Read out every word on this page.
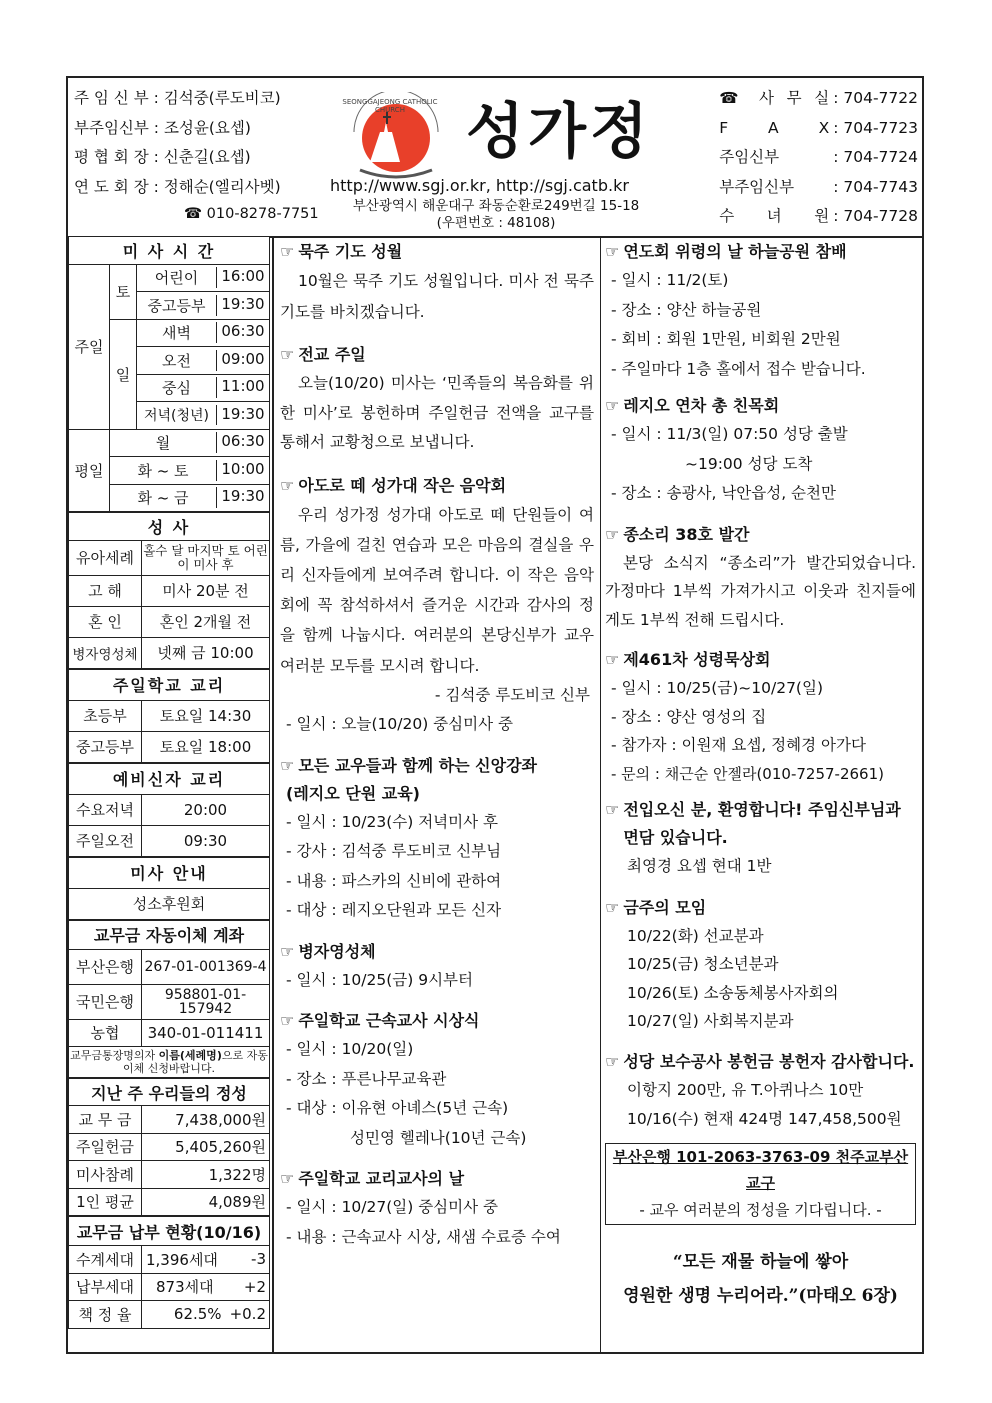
주 임 신 부 : 김석중(루도비코)
부주임신부 : 조성윤(요셉)
평 협 회 장 : 신춘길(요셉)
연 도 회 장 : 정해순(엘리사벳)
☎ 010-8278-7751
SEONGGAJEONG CATHOLIC CHURCH	성가정
http://www.sgj.or.kr, http://sgj.catb.kr
부산광역시 해운대구 좌동순환로249번길 15-18
(우편번호 : 48108)
☎ 사 무 실 : 704-7722
F A X : 704-7723
주임신부	: 704-7724
부주임신부	: 704-7743
수 녀 원 : 704-7728
미 사 시 간		
주일	토	어린이 16:00

		중고등부 19:30

	일	새벽 06:30

		오전 09:00

		중심 11:00

		저녁(청년) 19:30

평일	월 06:30	

	화 ~ 토 10:00	

	화 ~ 금 19:30	
성 사	
유아세례	홀수 달 마지막 토 어린이 미사 후
고 해	미사 20분 전
혼 인	혼인 2개월 전
병자영성체	넷째 금 10:00
주일학교 교리	
초등부	토요일 14:30
중고등부	토요일 18:00
예비신자 교리	
수요저녁	20:00
주일오전	09:30
미사 안내
성소후원회
교무금 자동이체 계좌	
부산은행	267-01-001369-4
국민은행	958801-01-157942
농협	340-01-011411
교무금통장명의자 이름(세례명)으로 자동이체 신청바랍니다.	
지난 주 우리들의 정성	
교 무 금	7,438,000원
주일헌금	5,405,260원
미사참례	1,322명
1인 평균	4,089원
교무금 납부 현황(10/16)		
수계세대	1,396세대	-3
납부세대	873세대	+2
책 정 율	62.5%	+0.2
☞ 묵주 기도 성월
10월은 묵주 기도 성월입니다. 미사 전 묵주기도를 바치겠습니다.
☞ 전교 주일
오늘(10/20) 미사는 ‘민족들의 복음화를 위한 미사’로 봉헌하며 주일헌금 전액을 교구를 통해서 교황청으로 보냅니다.
☞ 아도로 떼 성가대 작은 음악회
우리 성가정 성가대 아도로 떼 단원들이 여름, 가을에 걸친 연습과 모은 마음의 결실을 우리 신자들에게 보여주려 합니다. 이 작은 음악회에 꼭 참석하셔서 즐거운 시간과 감사의 정을 함께 나눕시다. 여러분의 본당신부가 교우 여러분 모두를 모시려 합니다.
- 김석중 루도비코 신부
- 일시 : 오늘(10/20) 중심미사 중
☞ 모든 교우들과 함께 하는 신앙강좌
(레지오 단원 교육)
- 일시 : 10/23(수) 저녁미사 후
- 강사 : 김석중 루도비코 신부님
- 내용 : 파스카의 신비에 관하여
- 대상 : 레지오단원과 모든 신자
☞ 병자영성체
- 일시 : 10/25(금) 9시부터
☞ 주일학교 근속교사 시상식
- 일시 : 10/20(일)
- 장소 : 푸른나무교육관
- 대상 : 이유현 아녜스(5년 근속)
성민영 헬레나(10년 근속)
☞ 주일학교 교리교사의 날
- 일시 : 10/27(일) 중심미사 중
- 내용 : 근속교사 시상, 새샘 수료증 수여
☞ 연도회 위령의 날 하늘공원 참배
- 일시 : 11/2(토)
- 장소 : 양산 하늘공원
- 회비 : 회원 1만원, 비회원 2만원
- 주일마다 1층 홀에서 접수 받습니다.
☞ 레지오 연차 총 친목회
- 일시 : 11/3(일) 07:50 성당 출발
~19:00 성당 도착
- 장소 : 송광사, 낙안읍성, 순천만
☞ 종소리 38호 발간
본당 소식지 “종소리”가 발간되었습니다. 가정마다 1부씩 가져가시고 이웃과 친지들에게도 1부씩 전해 드립시다.
☞ 제461차 성령묵상회
- 일시 : 10/25(금)~10/27(일)
- 장소 : 양산 영성의 집
- 참가자 : 이원재 요셉, 정혜경 아가다
- 문의 : 채근순 안젤라(010-7257-2661)
☞ 전입오신 분, 환영합니다! 주임신부님과 면담 있습니다.
최영경 요셉 현대 1반
☞ 금주의 모임
10/22(화) 선교분과
10/25(금) 청소년분과
10/26(토) 소송동체봉사자회의
10/27(일) 사회복지분과
☞ 성당 보수공사 봉헌금 봉헌자 감사합니다.
이항지 200만, 유 T.아퀴나스 10만
10/16(수) 현재 424명 147,458,500원
부산은행 101-2063-3763-09 천주교부산교구
- 교우 여러분의 정성을 기다립니다. -
“모든 재물 하늘에 쌓아
영원한 생명 누리어라.”(마태오 6장)
